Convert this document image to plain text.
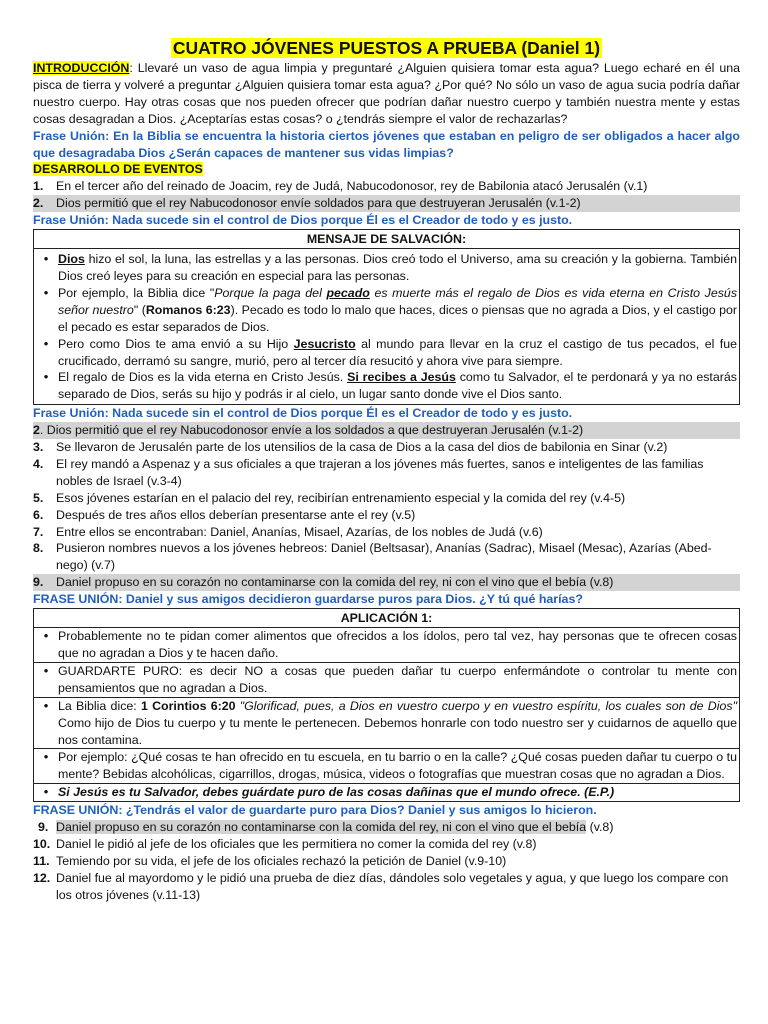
CUATRO JÓVENES PUESTOS A PRUEBA (Daniel 1)

INTRODUCCIÓN: Llevaré un vaso de agua limpia y preguntaré ¿Alguien quisiera tomar esta agua? Luego echaré en él una pisca de tierra y volveré a preguntar ¿Alguien quisiera tomar esta agua? ¿Por qué? No sólo un vaso de agua sucia podría dañar nuestro cuerpo. Hay otras cosas que nos pueden ofrecer que podrían dañar nuestro cuerpo y también nuestra mente y estas cosas desagradan a Dios. ¿Aceptarías estas cosas? o ¿tendrás siempre el valor de rechazarlas?

Frase Unión: En la Biblia se encuentra la historia ciertos jóvenes que estaban en peligro de ser obligados a hacer algo que desagradaba Dios ¿Serán capaces de mantener sus vidas limpias?

DESARROLLO DE EVENTOS
1.	En el tercer año del reinado de Joacim, rey de Judá, Nabucodonosor, rey de Babilonia atacó Jerusalén (v.1)
2.	Dios permitió que el rey Nabucodonosor envíe soldados para que destruyeran Jerusalén (v.1-2)

Frase Unión: Nada sucede sin el control de Dios porque Él es el Creador de todo y es justo.

MENSAJE DE SALVACIÓN:
• Dios hizo el sol, la luna, las estrellas y a las personas. Dios creó todo el Universo, ama su creación y la gobierna. También Dios creó leyes para su creación en especial para las personas.
• Por ejemplo, la Biblia dice "Porque la paga del pecado es muerte más el regalo de Dios es vida eterna en Cristo Jesús señor nuestro" (Romanos 6:23). Pecado es todo lo malo que haces, dices o piensas que no agrada a Dios, y el castigo por el pecado es estar separados de Dios.
• Pero como Dios te ama envió a su Hijo Jesucristo al mundo para llevar en la cruz el castigo de tus pecados, el fue crucificado, derramó su sangre, murió, pero al tercer día resucitó y ahora vive para siempre.
• El regalo de Dios es la vida eterna en Cristo Jesús. Si recibes a Jesús como tu Salvador, el te perdonará y ya no estarás separado de Dios, serás su hijo y podrás ir al cielo, un lugar santo donde vive el Dios santo.

Frase Unión: Nada sucede sin el control de Dios porque Él es el Creador de todo y es justo.

2 . Dios permitió que el rey Nabucodonosor envíe a los soldados a que destruyeran Jerusalén (v.1-2)
3.	Se llevaron de Jerusalén parte de los utensilios de la casa de Dios a la casa del dios de babilonia en Sinar (v.2)
4.	El rey mandó a Aspenaz y a sus oficiales a que trajeran a los jóvenes más fuertes, sanos e inteligentes de las familias nobles de Israel (v.3-4)
5.	Esos jóvenes estarían en el palacio del rey, recibirían entrenamiento especial y la comida del rey (v.4-5)
6.	Después de tres años ellos deberían presentarse ante el rey (v.5)
7.	Entre ellos se encontraban: Daniel, Ananías, Misael, Azarías, de los nobles de Judá (v.6)
8.	Pusieron nombres nuevos a los jóvenes hebreos: Daniel (Beltsasar), Ananías (Sadrac), Misael (Mesac), Azarías (Abed-nego) (v.7)
9.	Daniel propuso en su corazón no contaminarse con la comida del rey, ni con el vino que el bebía (v.8)

FRASE UNIÓN: Daniel y sus amigos decidieron guardarse puros para Dios. ¿Y tú qué harías?

APLICACIÓN 1:
• Probablemente no te pidan comer alimentos que ofrecidos a los ídolos, pero tal vez, hay personas que te ofrecen cosas que no agradan a Dios y te hacen daño.
• GUARDARTE PURO: es decir NO a cosas que pueden dañar tu cuerpo enfermándote o controlar tu mente con pensamientos que no agradan a Dios.
• La Biblia dice: 1 Corintios 6:20 "Glorificad, pues, a Dios en vuestro cuerpo y en vuestro espíritu, los cuales son de Dios" Como hijo de Dios tu cuerpo y tu mente le pertenecen. Debemos honrarle con todo nuestro ser y cuidarnos de aquello que nos contamina.
• Por ejemplo: ¿Qué cosas te han ofrecido en tu escuela, en tu barrio o en la calle? ¿Qué cosas pueden dañar tu cuerpo o tu mente? Bebidas alcohólicas, cigarrillos, drogas, música, videos o fotografías que muestran cosas que no agradan a Dios.
• Si Jesús es tu Salvador, debes guárdate puro de las cosas dañinas que el mundo ofrece. (E.P.)

FRASE UNIÓN: ¿Tendrás el valor de guardarte puro para Dios? Daniel y sus amigos lo hicieron.

9. Daniel propuso en su corazón no contaminarse con la comida del rey, ni con el vino que el bebía (v.8)
10. Daniel le pidió al jefe de los oficiales que les permitiera no comer la comida del rey (v.8)
11. Temiendo por su vida, el jefe de los oficiales rechazó la petición de Daniel (v.9-10)
12. Daniel fue al mayordomo y le pidió una prueba de diez días, dándoles solo vegetales y agua, y que luego los compare con los otros jóvenes (v.11-13)
